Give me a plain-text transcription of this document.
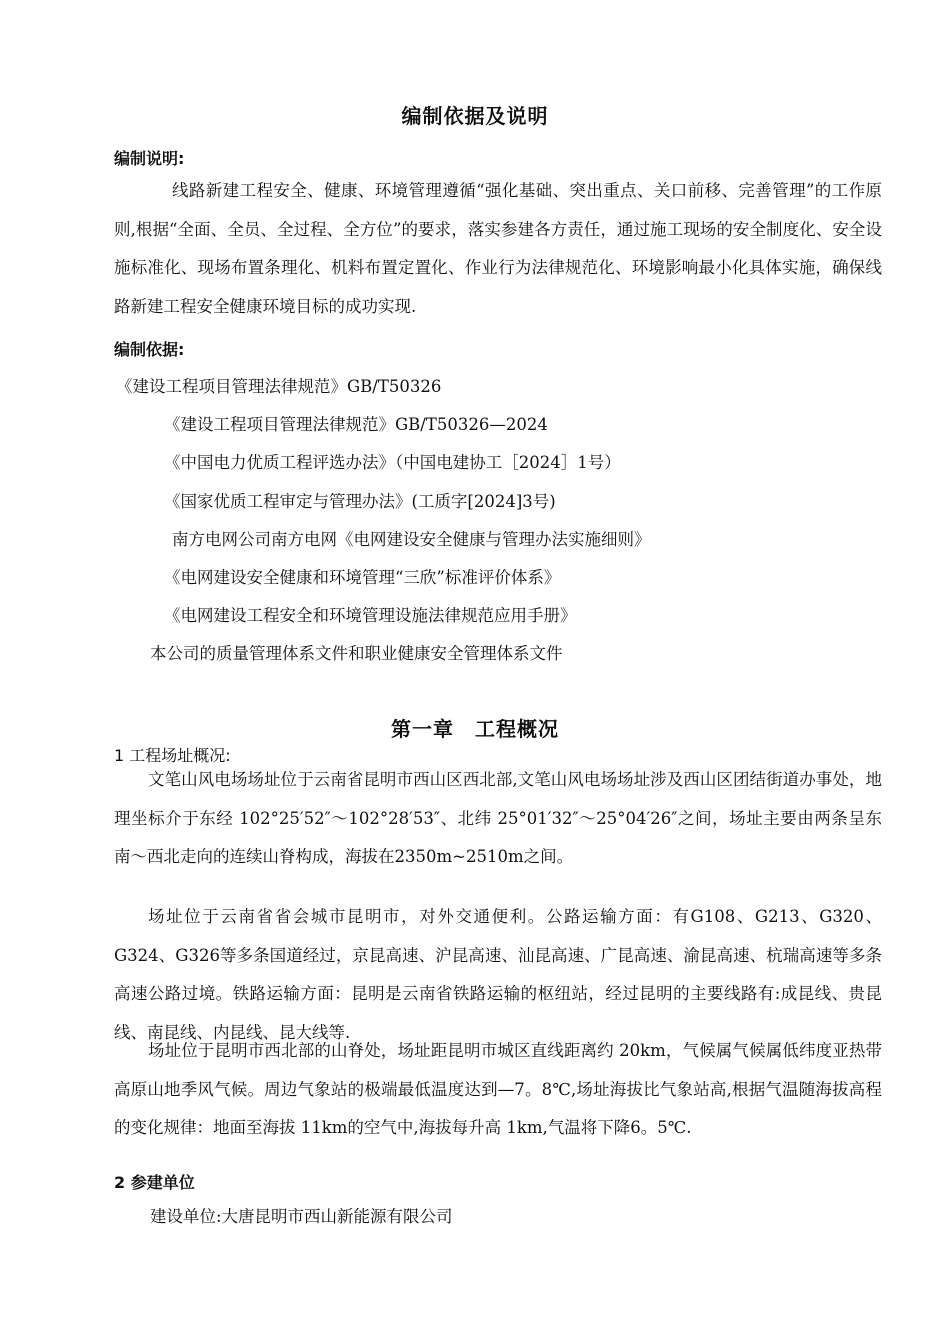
编制依据及说明

编制说明:

线路新建工程安全、健康、环境管理遵循“强化基础、突出重点、关口前移、完善管理”的工作原则,根据“全面、全员、全过程、全方位”的要求，落实参建各方责任，通过施工现场的安全制度化、安全设施标准化、现场布置条理化、机料布置定置化、作业行为法律规范化、环境影响最小化具体实施，确保线路新建工程安全健康环境目标的成功实现.

编制依据:

《建设工程项目管理法律规范》GB/T50326

《建设工程项目管理法律规范》GB/T50326—2024

《中国电力优质工程评选办法》（中国电建协工［2024］1号）

《国家优质工程审定与管理办法》(工质字[2024]3号)

南方电网公司南方电网《电网建设安全健康与管理办法实施细则》

《电网建设安全健康和环境管理“三欣”标准评价体系》

《电网建设工程安全和环境管理设施法律规范应用手册》

本公司的质量管理体系文件和职业健康安全管理体系文件

第一章　工程概况

1 工程场址概况:

文笔山风电场场址位于云南省昆明市西山区西北部,文笔山风电场场址涉及西山区团结街道办事处，地理坐标介于东经 102°25′52″～102°28′53″、北纬 25°01′32″～25°04′26″之间，场址主要由两条呈东南～西北走向的连续山脊构成，海拔在2350m~2510m之间。

场址位于云南省省会城市昆明市，对外交通便利。公路运输方面：有G108、G213、G320、G324、G326等多条国道经过，京昆高速、沪昆高速、汕昆高速、广昆高速、渝昆高速、杭瑞高速等多条高速公路过境。铁路运输方面：昆明是云南省铁路运输的枢纽站，经过昆明的主要线路有:成昆线、贵昆线、南昆线、内昆线、昆大线等.

场址位于昆明市西北部的山脊处，场址距昆明市城区直线距离约 20km，气候属气候属低纬度亚热带高原山地季风气候。周边气象站的极端最低温度达到—7。8℃,场址海拔比气象站高,根据气温随海拔高程的变化规律：地面至海拔 11km的空气中,海拔每升高 1km,气温将下降6。5℃.

2 参建单位

建设单位:大唐昆明市西山新能源有限公司
